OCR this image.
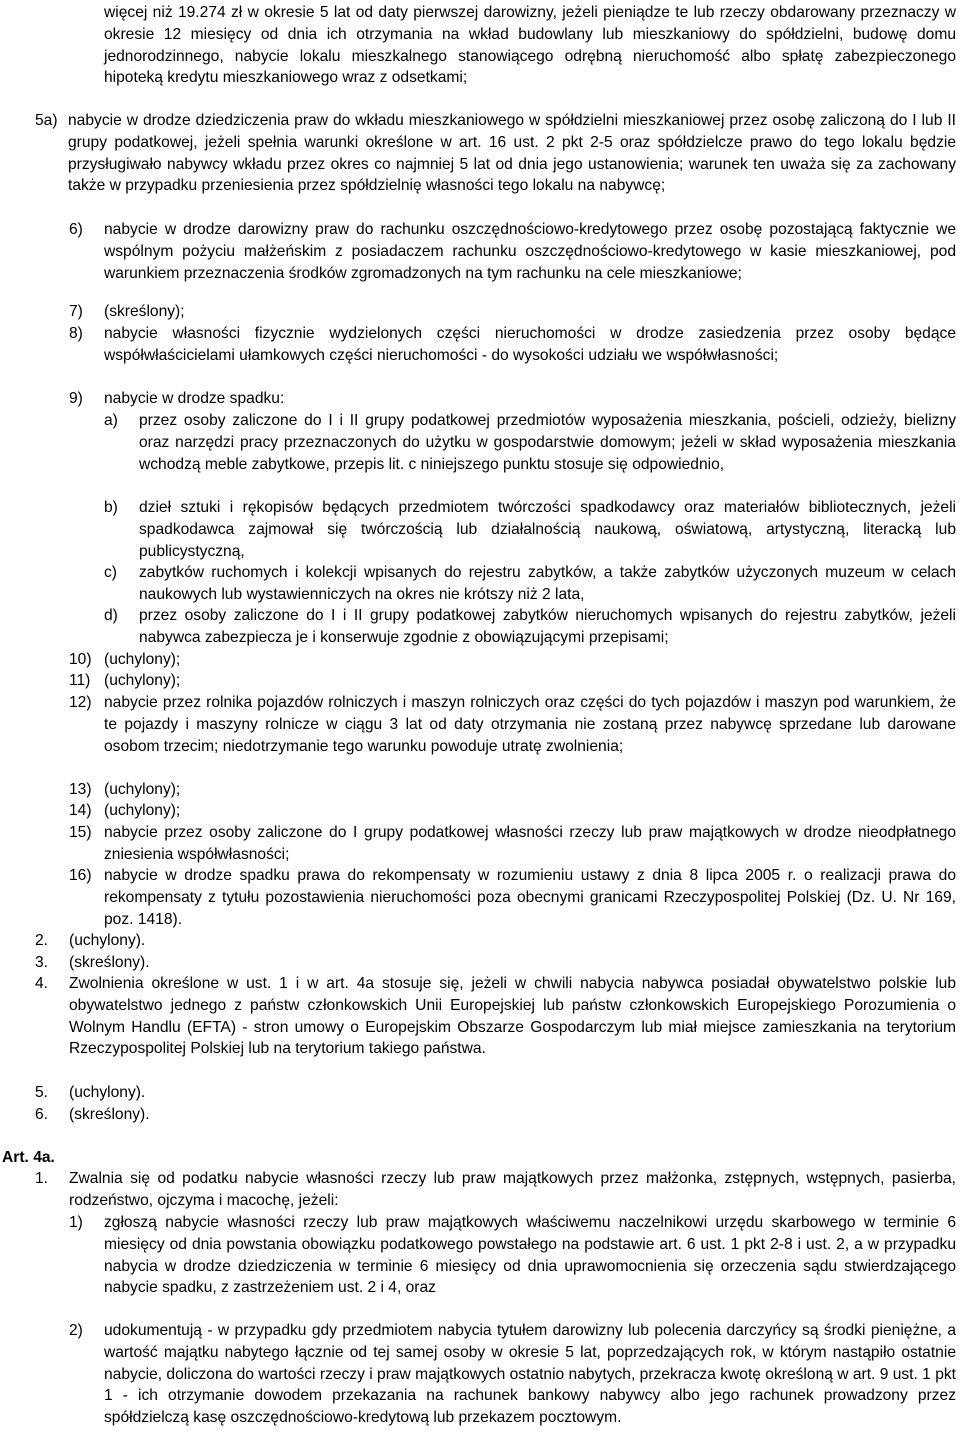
więcej niż 19.274 zł w okresie 5 lat od daty pierwszej darowizny, jeżeli pieniądze te lub rzeczy obdarowany przeznaczy w okresie 12 miesięcy od dnia ich otrzymania na wkład budowlany lub mieszkaniowy do spółdzielni, budowę domu jednorodzinnego, nabycie lokalu mieszkalnego stanowiącego odrębną nieruchomość albo spłatę zabezpieczonego hipoteką kredytu mieszkaniowego wraz z odsetkami;

5a) nabycie w drodze dziedziczenia praw do wkładu mieszkaniowego w spółdzielni mieszkaniowej przez osobę zaliczoną do I lub II grupy podatkowej, jeżeli spełnia warunki określone w art. 16 ust. 2 pkt 2-5 oraz spółdzielcze prawo do tego lokalu będzie przysługiwało nabywcy wkładu przez okres co najmniej 5 lat od dnia jego ustanowienia; warunek ten uważa się za zachowany także w przypadku przeniesienia przez spółdzielnię własności tego lokalu na nabywcę;

6) nabycie w drodze darowizny praw do rachunku oszczędnościowo-kredytowego przez osobę pozostającą faktycznie we wspólnym pożyciu małżeńskim z posiadaczem rachunku oszczędnościowo-kredytowego w kasie mieszkaniowej, pod warunkiem przeznaczenia środków zgromadzonych na tym rachunku na cele mieszkaniowe;

7) (skreślony);

8) nabycie własności fizycznie wydzielonych części nieruchomości w drodze zasiedzenia przez osoby będące współwłaścicielami ułamkowych części nieruchomości - do wysokości udziału we współwłasności;

9) nabycie w drodze spadku:

a) przez osoby zaliczone do I i II grupy podatkowej przedmiotów wyposażenia mieszkania, pościeli, odzieży, bielizny oraz narzędzi pracy przeznaczonych do użytku w gospodarstwie domowym; jeżeli w skład wyposażenia mieszkania wchodzą meble zabytkowe, przepis lit. c niniejszego punktu stosuje się odpowiednio,

b) dzieł sztuki i rękopisów będących przedmiotem twórczości spadkodawcy oraz materiałów bibliotecznych, jeżeli spadkodawca zajmował się twórczością lub działalnością naukową, oświatową, artystyczną, literacką lub publicystyczną,

c) zabytków ruchomych i kolekcji wpisanych do rejestru zabytków, a także zabytków użyczonych muzeum w celach naukowych lub wystawienniczych na okres nie krótszy niż 2 lata,

d) przez osoby zaliczone do I i II grupy podatkowej zabytków nieruchomych wpisanych do rejestru zabytków, jeżeli nabywca zabezpiecza je i konserwuje zgodnie z obowiązującymi przepisami;

10) (uchylony);

11) (uchylony);

12) nabycie przez rolnika pojazdów rolniczych i maszyn rolniczych oraz części do tych pojazdów i maszyn pod warunkiem, że te pojazdy i maszyny rolnicze w ciągu 3 lat od daty otrzymania nie zostaną przez nabywcę sprzedane lub darowane osobom trzecim; niedotrzymanie tego warunku powoduje utratę zwolnienia;

13) (uchylony);

14) (uchylony);

15) nabycie przez osoby zaliczone do I grupy podatkowej własności rzeczy lub praw majątkowych w drodze nieodpłatnego zniesienia współwłasności;

16) nabycie w drodze spadku prawa do rekompensaty w rozumieniu ustawy z dnia 8 lipca 2005 r. o realizacji prawa do rekompensaty z tytułu pozostawienia nieruchomości poza obecnymi granicami Rzeczypospolitej Polskiej (Dz. U. Nr 169, poz. 1418).

2. (uchylony).

3. (skreślony).

4. Zwolnienia określone w ust. 1 i w art. 4a stosuje się, jeżeli w chwili nabycia nabywca posiadał obywatelstwo polskie lub obywatelstwo jednego z państw członkowskich Unii Europejskiej lub państw członkowskich Europejskiego Porozumienia o Wolnym Handlu (EFTA) - stron umowy o Europejskim Obszarze Gospodarczym lub miał miejsce zamieszkania na terytorium Rzeczypospolitej Polskiej lub na terytorium takiego państwa.

5. (uchylony).

6. (skreślony).

Art. 4a.

1. Zwalnia się od podatku nabycie własności rzeczy lub praw majątkowych przez małżonka, zstępnych, wstępnych, pasierba, rodzeństwo, ojczyma i macochę, jeżeli:

1) zgłoszą nabycie własności rzeczy lub praw majątkowych właściwemu naczelnikowi urzędu skarbowego w terminie 6 miesięcy od dnia powstania obowiązku podatkowego powstałego na podstawie art. 6 ust. 1 pkt 2-8 i ust. 2, a w przypadku nabycia w drodze dziedziczenia w terminie 6 miesięcy od dnia uprawomocnienia się orzeczenia sądu stwierdzającego nabycie spadku, z zastrzeżeniem ust. 2 i 4, oraz

2) udokumentują - w przypadku gdy przedmiotem nabycia tytułem darowizny lub polecenia darczyńcy są środki pieniężne, a wartość majątku nabytego łącznie od tej samej osoby w okresie 5 lat, poprzedzających rok, w którym nastąpiło ostatnie nabycie, doliczona do wartości rzeczy i praw majątkowych ostatnio nabytych, przekracza kwotę określoną w art. 9 ust. 1 pkt 1 - ich otrzymanie dowodem przekazania na rachunek bankowy nabywcy albo jego rachunek prowadzony przez spółdzielczą kasę oszczędnościowo-kredytową lub przekazem pocztowym.
